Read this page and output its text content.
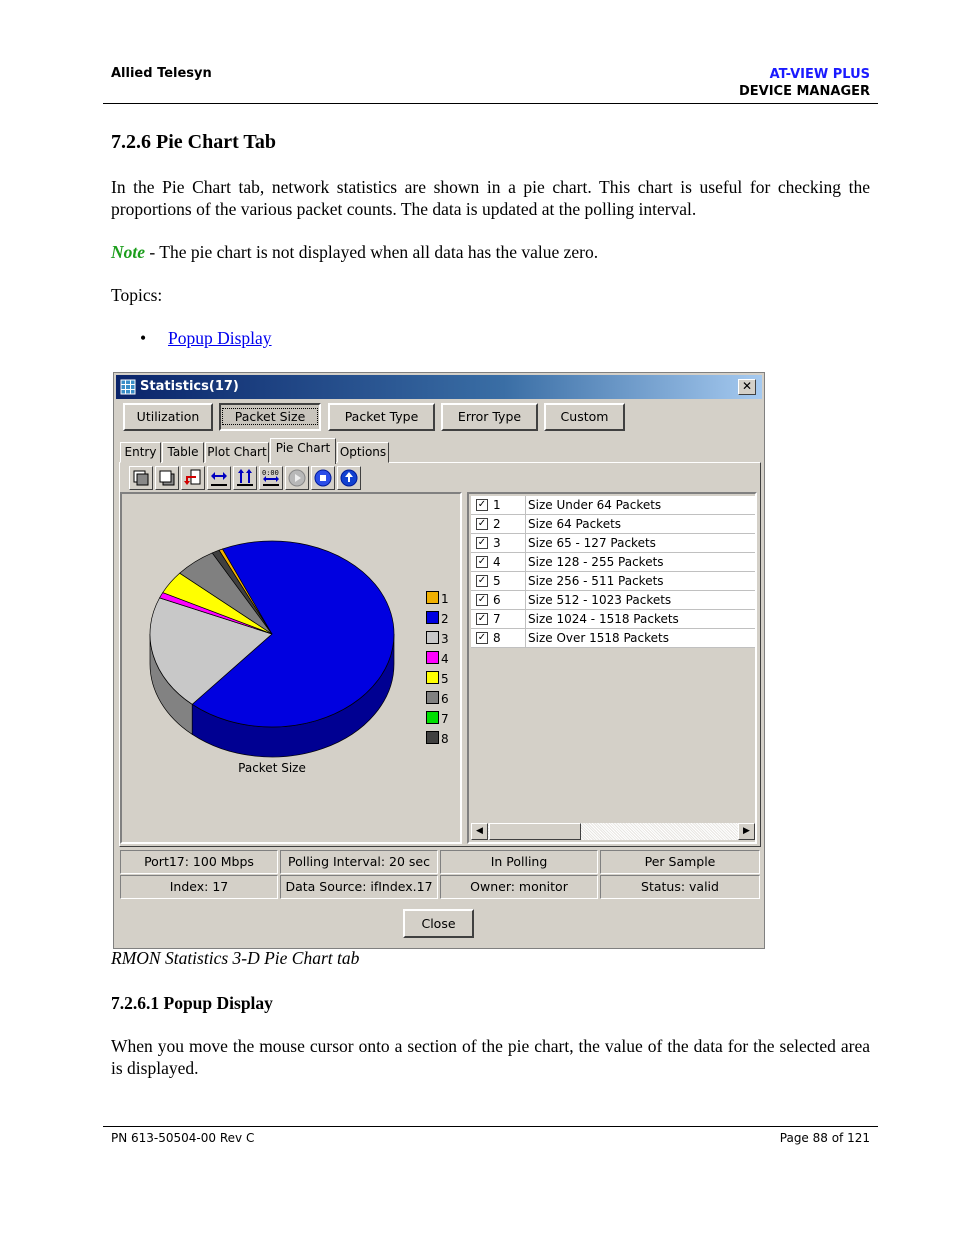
Allied Telesyn	AT-VIEW PLUS
DEVICE MANAGER
7.2.6 Pie Chart Tab

In the Pie Chart tab, network statistics are shown in a pie chart. This chart is useful for checking the proportions of the various packet counts. The data is updated at the polling interval.

Note - The pie chart is not displayed when all data has the value zero.

Topics:

• Popup Display
Statistics(17)	✕
Utilization	Packet Size	Packet Type	Error Type	Custom
Entry Table Plot Chart Pie Chart Options
0:00
Packet Size
1
2
3
4
5
6
7
8
✓ 1 Size Under 64 Packets
✓ 2 Size 64 Packets
✓ 3 Size 65 - 127 Packets
✓ 4 Size 128 - 255 Packets
✓ 5 Size 256 - 511 Packets
✓ 6 Size 512 - 1023 Packets
✓ 7 Size 1024 - 1518 Packets
✓ 8 Size Over 1518 Packets
◀	▶
Port17: 100 Mbps	Polling Interval: 20 sec	In Polling	Per Sample
Index: 17	Data Source: ifIndex.17	Owner: monitor	Status: valid
Close
RMON Statistics 3-D Pie Chart tab
7.2.6.1 Popup Display

When you move the mouse cursor onto a section of the pie chart, the value of the data for the selected area is displayed.

PN 613-50504-00 Rev C	Page 88 of 121
